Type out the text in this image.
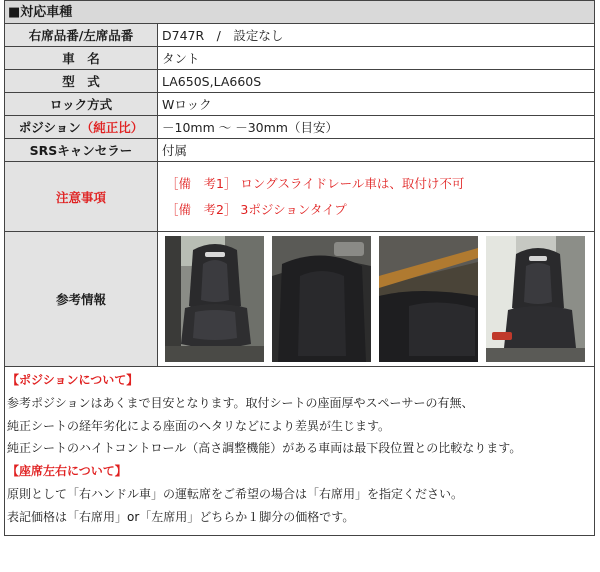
■対応車種
右席品番/左席品番	D747R　/　設定なし
車　名	タント
型　式	LA650S,LA660S
ロック方式	Wロック
ポジション（純正比）	－10mm 〜 －30mm（目安）
SRSキャンセラー	付属
注意事項	［備　考1］ ロングスライドレール車は、取付け不可
［備　考2］ 3ポジションタイプ

参考情報	
【ポジションについて】
参考ポジションはあくまで目安となります。取付シートの座面厚やスペーサーの有無、
純正シートの経年劣化による座面のヘタリなどにより差異が生じます。
純正シートのハイトコントロール（高さ調整機能）がある車両は最下段位置との比較なります。
【座席左右について】
原則として「右ハンドル車」の運転席をご希望の場合は「右席用」を指定ください。
表記価格は「右席用」or「左席用」どちらか１脚分の価格です。
